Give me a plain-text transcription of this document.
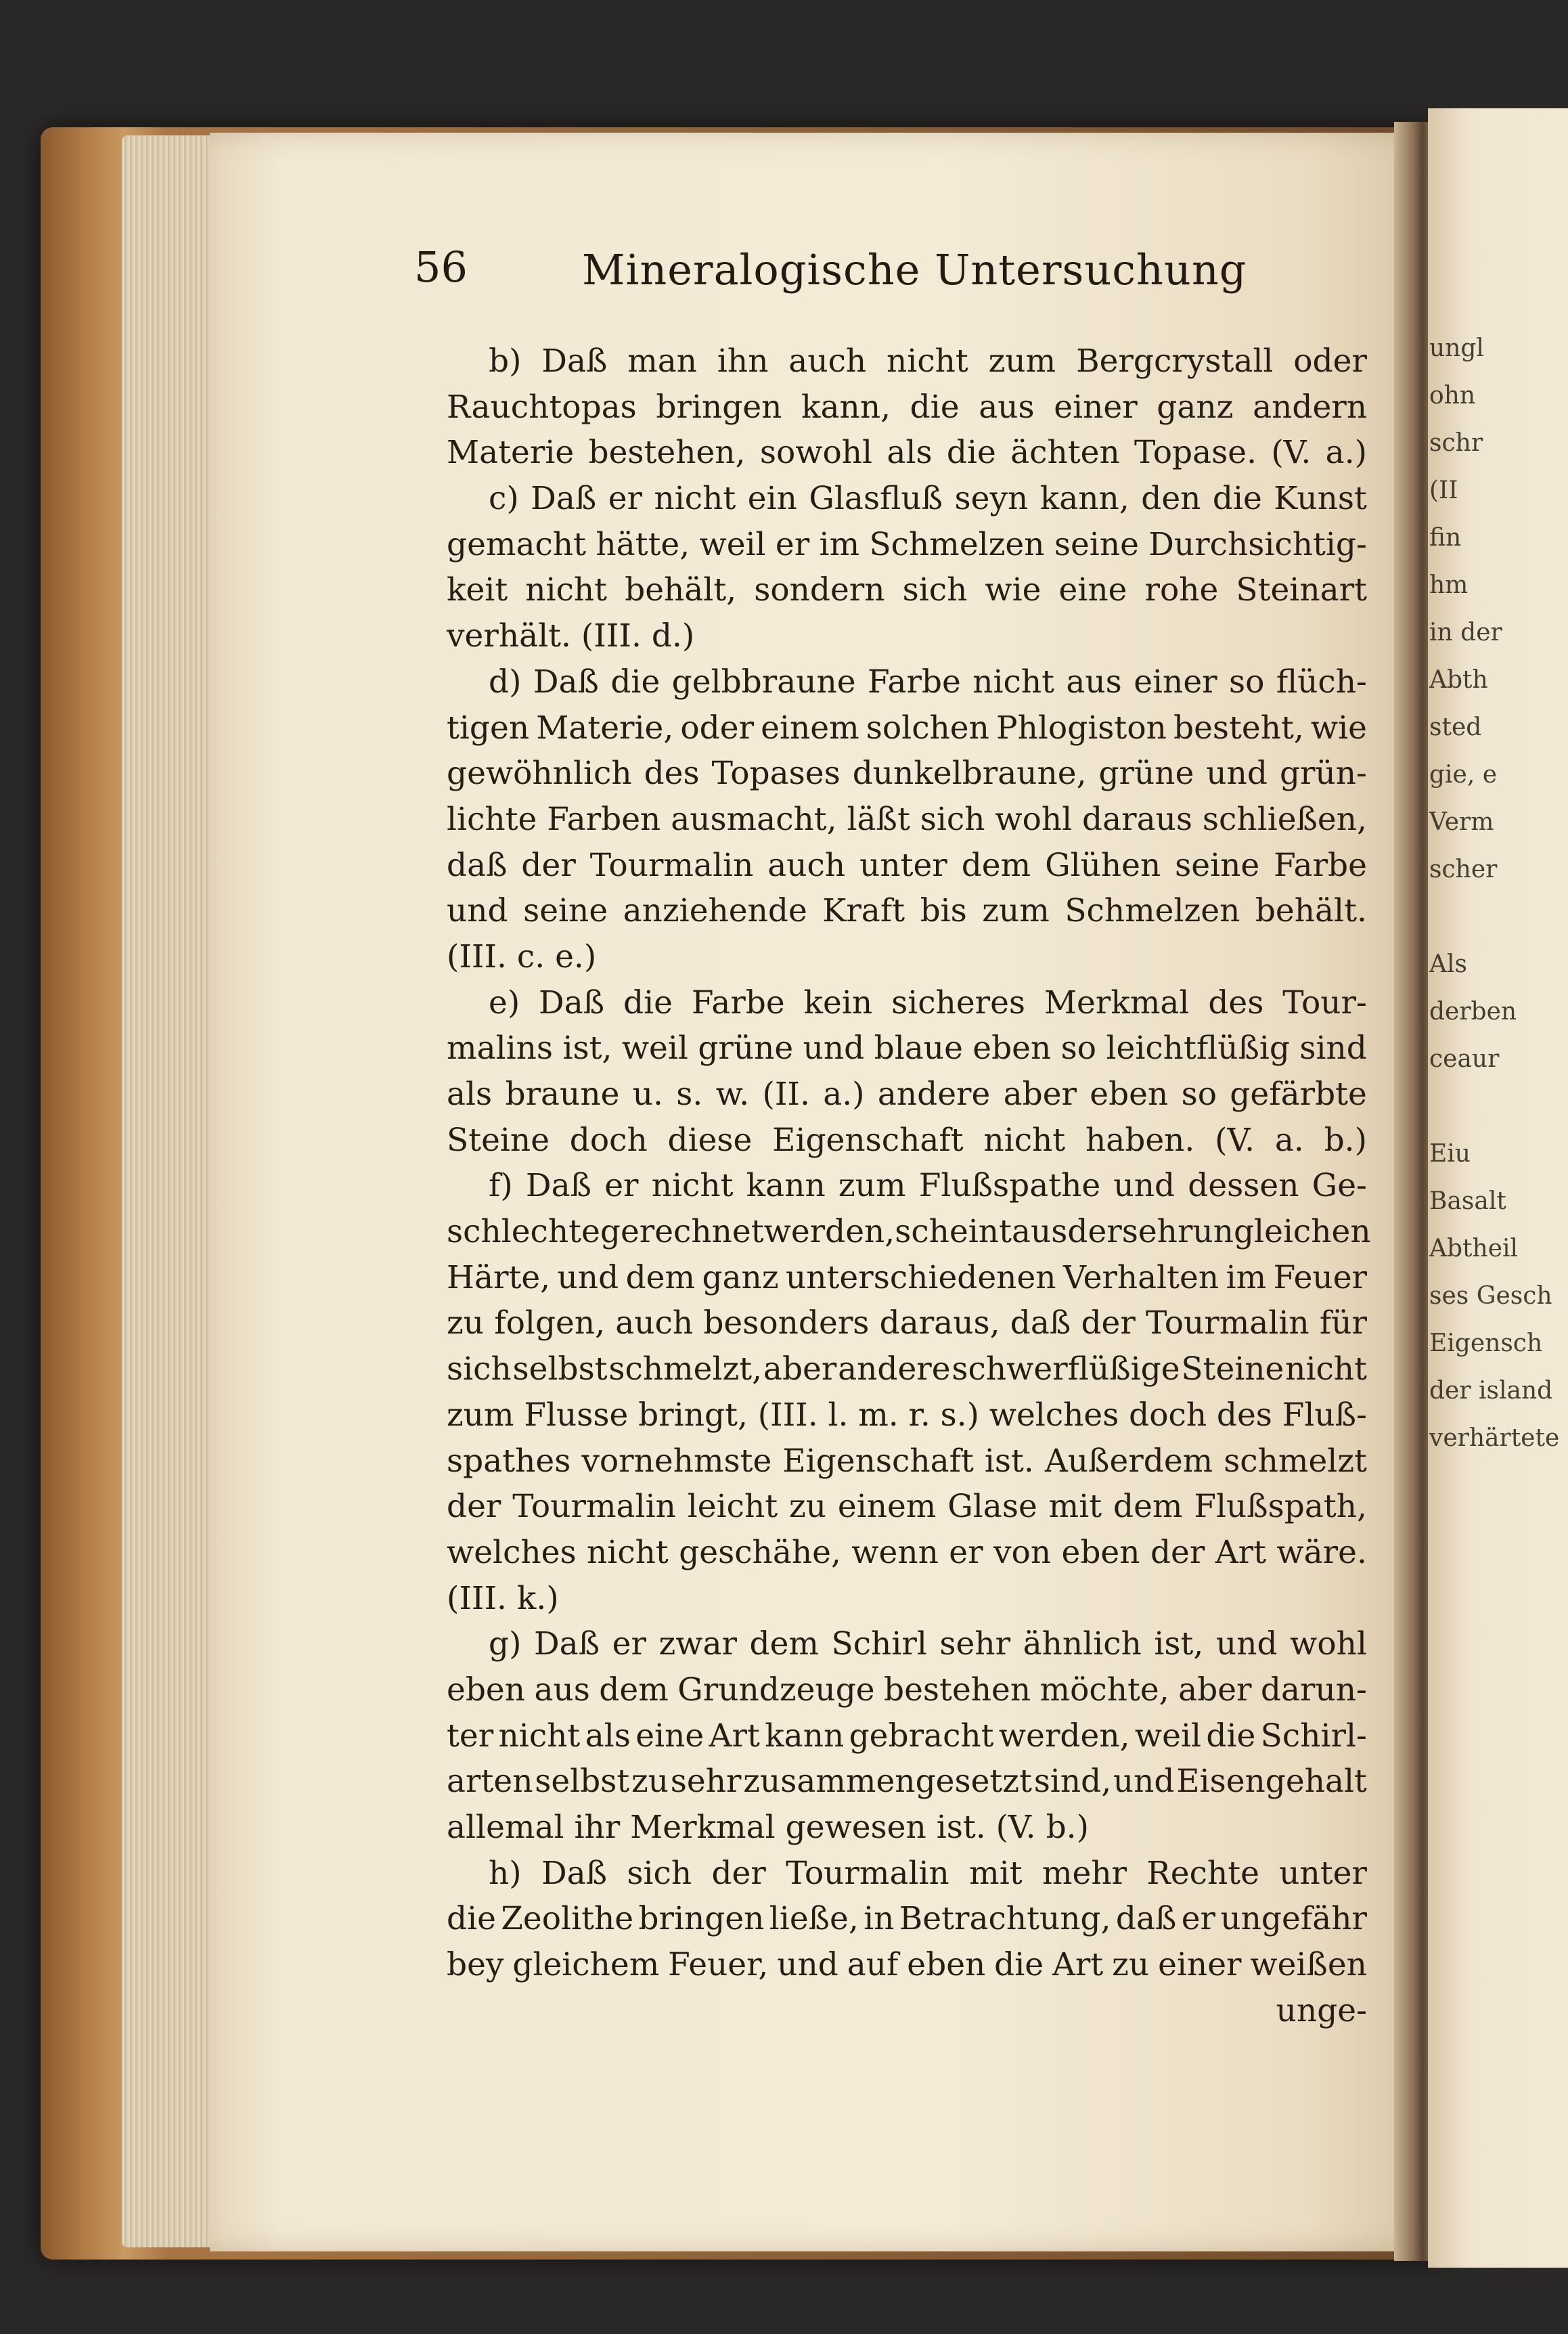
ungl
ohn
schr
(II
fin
hm
in der
Abth
sted
gie, e
Verm
scher
Als
derben
ceaur
Eiu
Basalt
Abtheil
ses Gesch
Eigensch
der island
verhärtete
56	Mineralogische Untersuchung
b) Daß man ihn auch nicht zum Bergcrystall oder
Rauchtopas bringen kann, die aus einer ganz andern
Materie bestehen, sowohl als die ächten Topase. (V. a.)
c) Daß er nicht ein Glasfluß seyn kann, den die Kunst
gemacht hätte, weil er im Schmelzen seine Durchsichtig-
keit nicht behält, sondern sich wie eine rohe Steinart
verhält. (III. d.)
d) Daß die gelbbraune Farbe nicht aus einer so flüch-
tigen Materie, oder einem solchen Phlogiston besteht, wie
gewöhnlich des Topases dunkelbraune, grüne und grün-
lichte Farben ausmacht, läßt sich wohl daraus schließen,
daß der Tourmalin auch unter dem Glühen seine Farbe
und seine anziehende Kraft bis zum Schmelzen behält.
(III. c. e.)
e) Daß die Farbe kein sicheres Merkmal des Tour-
malins ist, weil grüne und blaue eben so leichtflüßig sind
als braune u. s. w. (II. a.) andere aber eben so gefärbte
Steine doch diese Eigenschaft nicht haben. (V. a. b.)
f) Daß er nicht kann zum Flußspathe und dessen Ge-
schlechte gerechnet werden, scheint aus der sehr ungleichen
Härte, und dem ganz unterschiedenen Verhalten im Feuer
zu folgen, auch besonders daraus, daß der Tourmalin für
sich selbst schmelzt, aber andere schwerflüßige Steine nicht
zum Flusse bringt, (III. l. m. r. s.) welches doch des Fluß-
spathes vornehmste Eigenschaft ist. Außerdem schmelzt
der Tourmalin leicht zu einem Glase mit dem Flußspath,
welches nicht geschähe, wenn er von eben der Art wäre.
(III. k.)
g) Daß er zwar dem Schirl sehr ähnlich ist, und wohl
eben aus dem Grundzeuge bestehen möchte, aber darun-
ter nicht als eine Art kann gebracht werden, weil die Schirl-
arten selbst zu sehr zusammengesetzt sind, und Eisengehalt
allemal ihr Merkmal gewesen ist. (V. b.)
h) Daß sich der Tourmalin mit mehr Rechte unter
die Zeolithe bringen ließe, in Betrachtung, daß er ungefähr
bey gleichem Feuer, und auf eben die Art zu einer weißen
unge-
